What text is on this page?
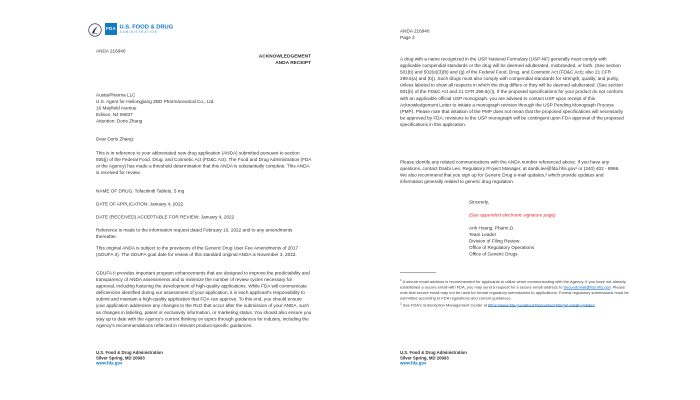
FDA U.S. FOOD & DRUG
ADMINISTRATION
ANDA 216940
ACKNOWLEDGEMENT
ANDA RECEIPT
AustarPharma LLC
U.S. Agent for Heilongjiang ZBD Pharmaceutical Co., Ltd.
16 Mayfield Avenue
Edison, NJ 08837
Attention: Doris Zhang
Dear Doris Zhang:
This is in reference to your abbreviated new drug application (ANDA) submitted pursuant to section 505(j) of the Federal Food, Drug, and Cosmetic Act (FD&C Act). The Food and Drug Administration (FDA or the Agency) has made a threshold determination that this ANDA is substantially complete. This ANDA is received for review.
NAME OF DRUG: Tofacitinib Tablets, 5 mg
DATE OF APPLICATION: January 4, 2022
DATE (RECEIVED) ACCEPTABLE FOR REVIEW: January 4, 2022
Reference is made to the information request dated February 10, 2022 and to any amendments thereafter.
This original ANDA is subject to the provisions of the Generic Drug User Fee Amendments of 2017 (GDUFA II). The GDUFA goal date for review of this standard original ANDA is November 3, 2022.
GDUFA II provides important program enhancements that are designed to improve the predictability and transparency of ANDA assessments and to minimize the number of review cycles necessary for approval, including fostering the development of high-quality applications. While FDA will communicate deficiencies identified during our assessment of your application, it is each applicant's responsibility to submit and maintain a high-quality application that FDA can approve. To this end, you should ensure your application addresses any changes to the RLD that occur after the submission of your ANDA, such as changes in labeling, patent or exclusivity information, or marketing status. You should also ensure you stay up to date with the Agency's current thinking on topics through guidances for industry, including the Agency's recommendations reflected in relevant product-specific guidances.
U.S. Food & Drug Administration
Silver Spring, MD 20993
www.fda.gov
ANDA 216940
Page 2
A drug with a name recognized in the USP National Formulary (USP-NF) generally must comply with applicable compendial standards or the drug will be deemed adulterated, misbranded, or both. (See section 501(b) and 502(e)(3)(b) and (g) of the Federal Food, Drug, and Cosmetic Act (FD&C Act); also 21 CFR 299.5(a) and (b)). Such drugs must also comply with compendial standards for strength, quality, and purity, unless labeled to show all respects in which the drug differs or they will be deemed adulterated. (See section 501(b) of the FD&C Act and 21 CFR 299.5(c)). If the proposed specifications for your product do not conform with an applicable official USP monograph, you are advised to contact USP upon receipt of this Acknowledgement Letter to initiate a monograph revision through the USP Pending Monograph Process (PMP). Please note that initiation of the PMP does not mean that the proposed specifications will necessarily be approved by FDA; revisions to the USP monograph will be contingent upon FDA approval of the proposed specifications in this application.
Please identify any related communications with the ANDA number referenced above. If you have any questions, contact Danbi Lee, Regulatory Project Manager, at danbi.lee@fda.hhs.gov¹ or (240) 402 - 8986. We also recommend that you sign up for Generic Drug e-mail updates,² which provide updates and information generally related to generic drug regulation.
Sincerely,
(See appended electronic signature page)
Anh Hoang, Pharm.D.
Team Leader
Division of Filing Review
Office of Regulatory Operations
Office of Generic Drugs
$^1$ A secure email address is recommended for applicants to utilize when communicating with the Agency. If you have not already established a secure email with FDA, you may send a request for a secure email address to SecureEmail@fda.hhs.gov. Please note that secure email may not be used for formal regulatory submissions to applications. Formal regulatory submissions must be submitted according to FDA regulations and current guidances.
$^2$ See FDA's Subscription Management Center at https://www.fda.gov/about-fda/contact-fda/get-email-updates.
U.S. Food & Drug Administration
Silver Spring, MD 20993
www.fda.gov
